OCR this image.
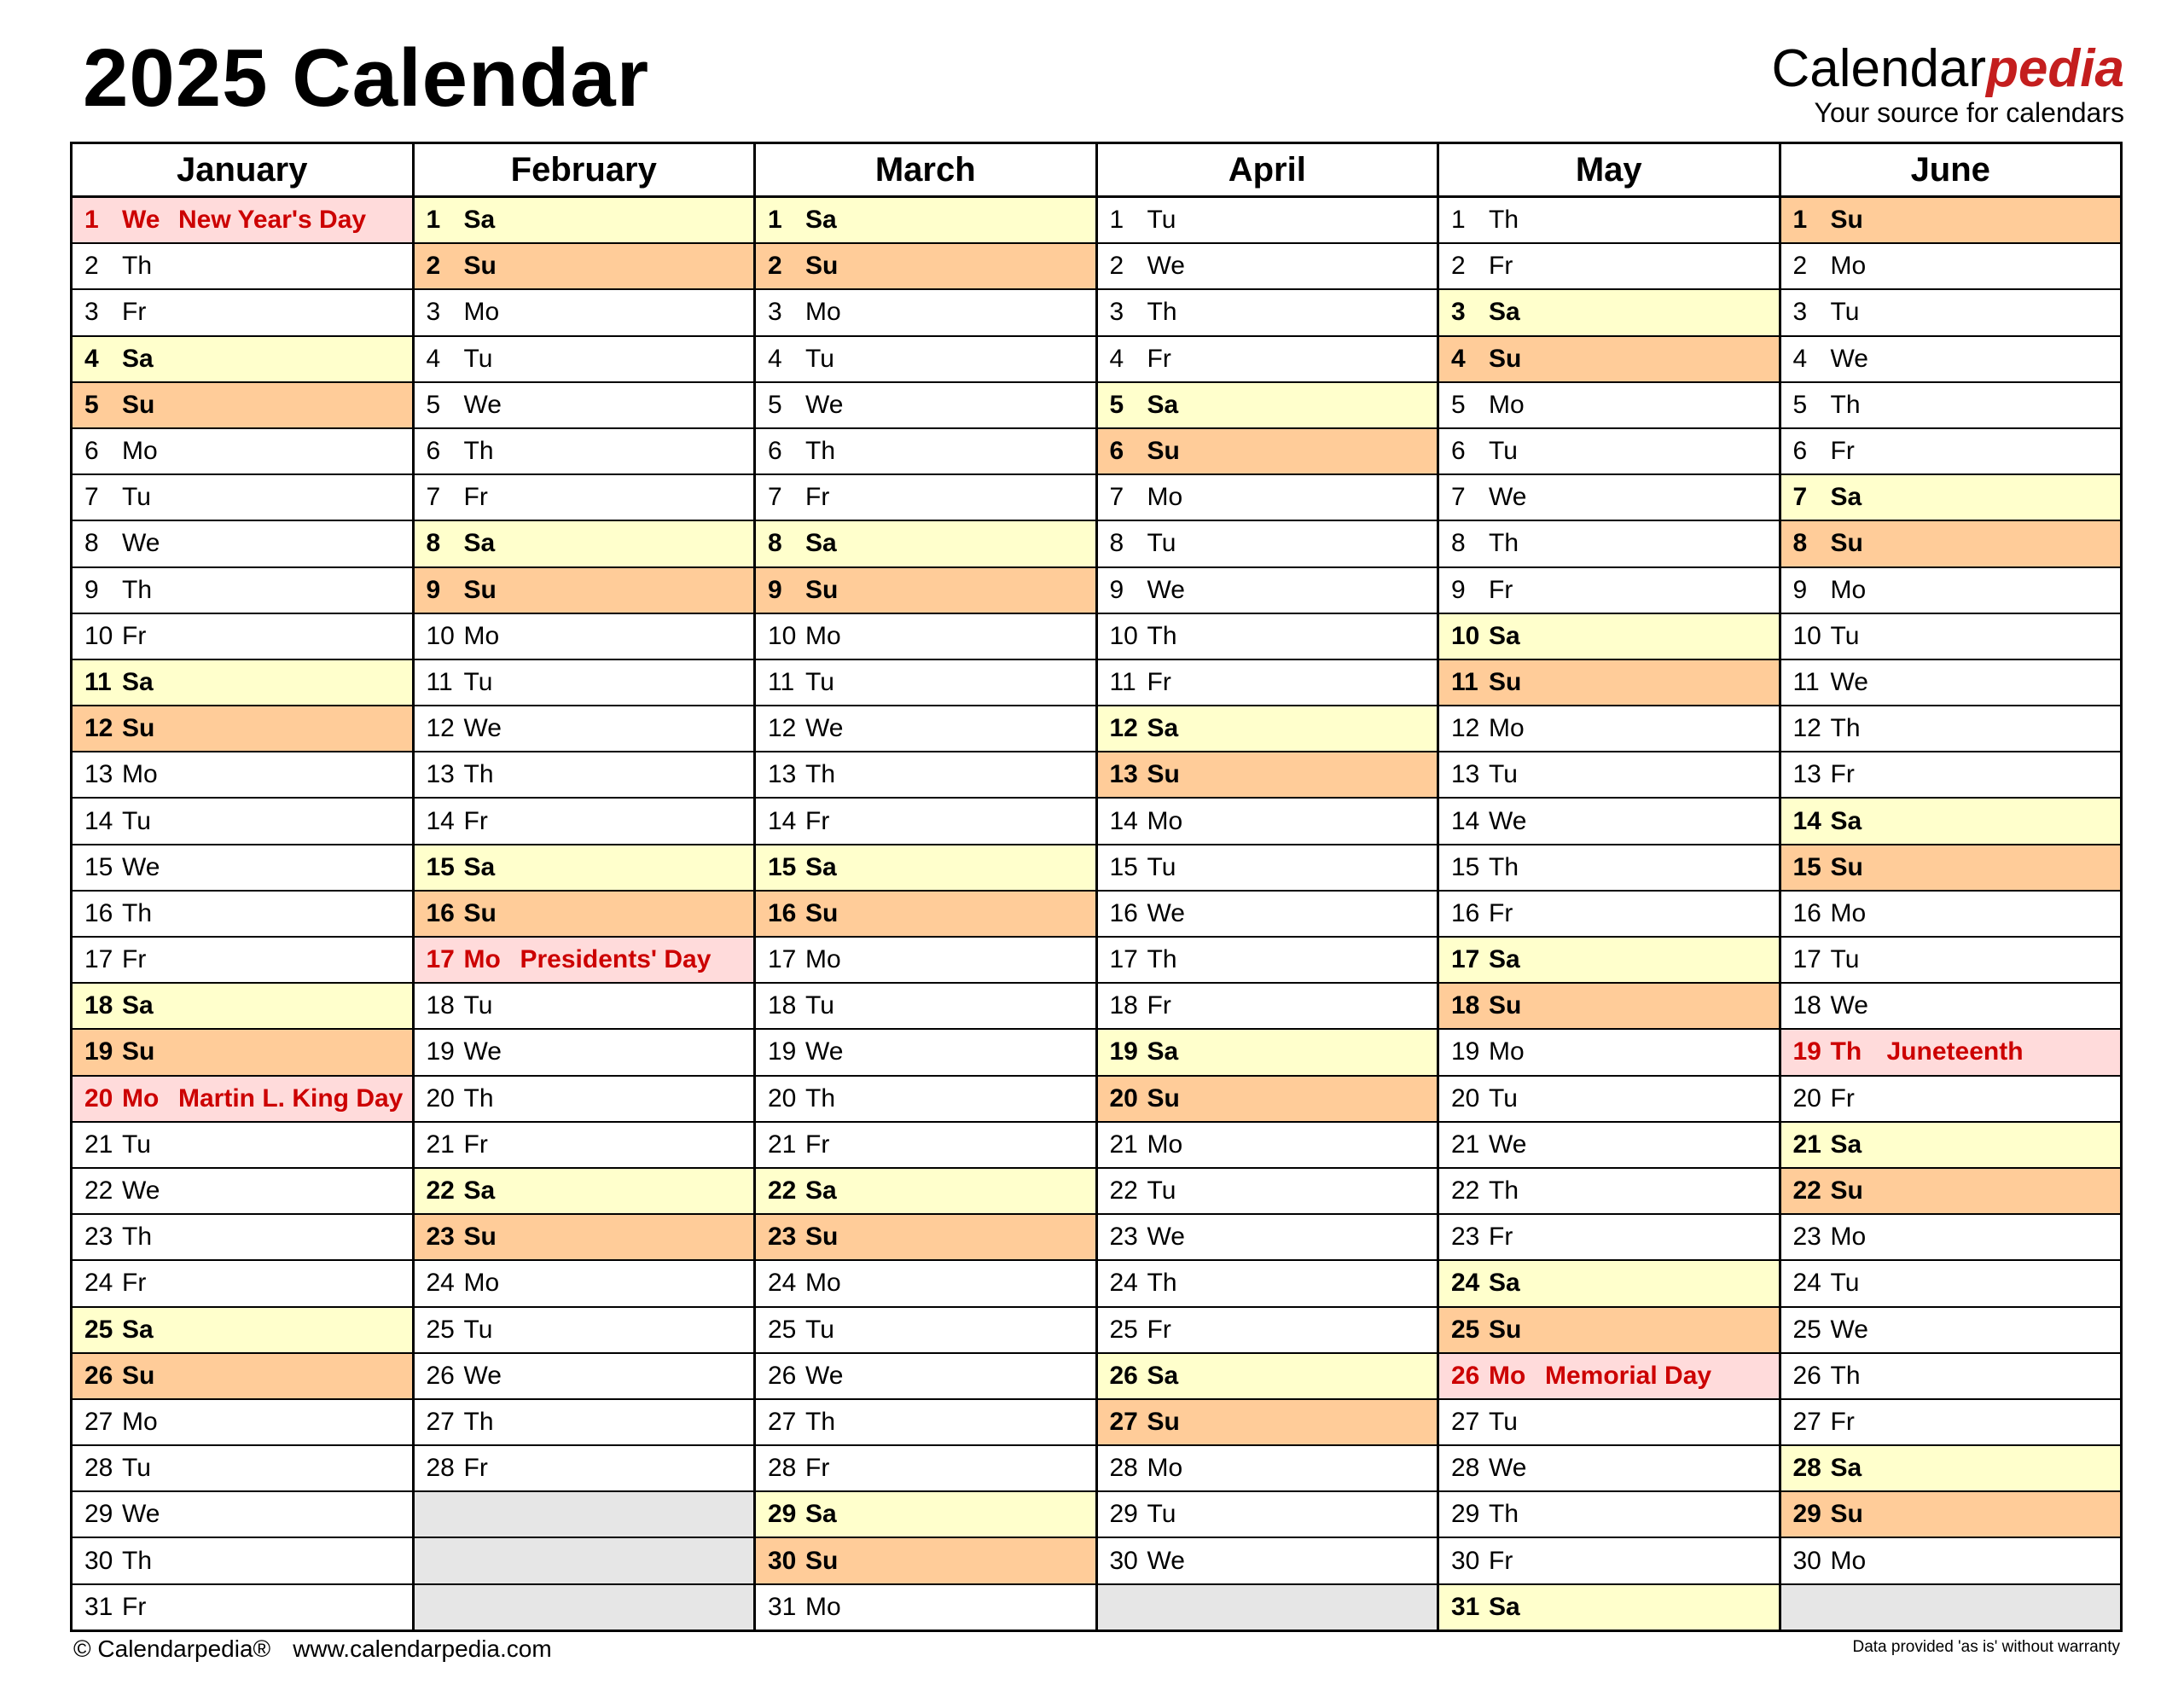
2025 Calendar	Calendarpedia
Your source for calendars
January	February	March	April	May	June
1 We New Year's Day	1 Sa	1 Sa	1 Tu	1 Th	1 Su
2 Th	2 Su	2 Su	2 We	2 Fr	2 Mo
3 Fr	3 Mo	3 Mo	3 Th	3 Sa	3 Tu
4 Sa	4 Tu	4 Tu	4 Fr	4 Su	4 We
5 Su	5 We	5 We	5 Sa	5 Mo	5 Th
6 Mo	6 Th	6 Th	6 Su	6 Tu	6 Fr
7 Tu	7 Fr	7 Fr	7 Mo	7 We	7 Sa
8 We	8 Sa	8 Sa	8 Tu	8 Th	8 Su
9 Th	9 Su	9 Su	9 We	9 Fr	9 Mo
10 Fr	10 Mo	10 Mo	10 Th	10 Sa	10 Tu
11 Sa	11 Tu	11 Tu	11 Fr	11 Su	11 We
12 Su	12 We	12 We	12 Sa	12 Mo	12 Th
13 Mo	13 Th	13 Th	13 Su	13 Tu	13 Fr
14 Tu	14 Fr	14 Fr	14 Mo	14 We	14 Sa
15 We	15 Sa	15 Sa	15 Tu	15 Th	15 Su
16 Th	16 Su	16 Su	16 We	16 Fr	16 Mo
17 Fr	17 Mo Presidents' Day	17 Mo	17 Th	17 Sa	17 Tu
18 Sa	18 Tu	18 Tu	18 Fr	18 Su	18 We
19 Su	19 We	19 We	19 Sa	19 Mo	19 Th Juneteenth
20 Mo Martin L. King Day	20 Th	20 Th	20 Su	20 Tu	20 Fr
21 Tu	21 Fr	21 Fr	21 Mo	21 We	21 Sa
22 We	22 Sa	22 Sa	22 Tu	22 Th	22 Su
23 Th	23 Su	23 Su	23 We	23 Fr	23 Mo
24 Fr	24 Mo	24 Mo	24 Th	24 Sa	24 Tu
25 Sa	25 Tu	25 Tu	25 Fr	25 Su	25 We
26 Su	26 We	26 We	26 Sa	26 Mo Memorial Day	26 Th
27 Mo	27 Th	27 Th	27 Su	27 Tu	27 Fr
28 Tu	28 Fr	28 Fr	28 Mo	28 We	28 Sa
29 We		29 Sa	29 Tu	29 Th	29 Su
30 Th		30 Su	30 We	30 Fr	30 Mo
31 Fr		31 Mo		31 Sa	
© Calendarpedia® www.calendarpedia.com	Data provided 'as is' without warranty
